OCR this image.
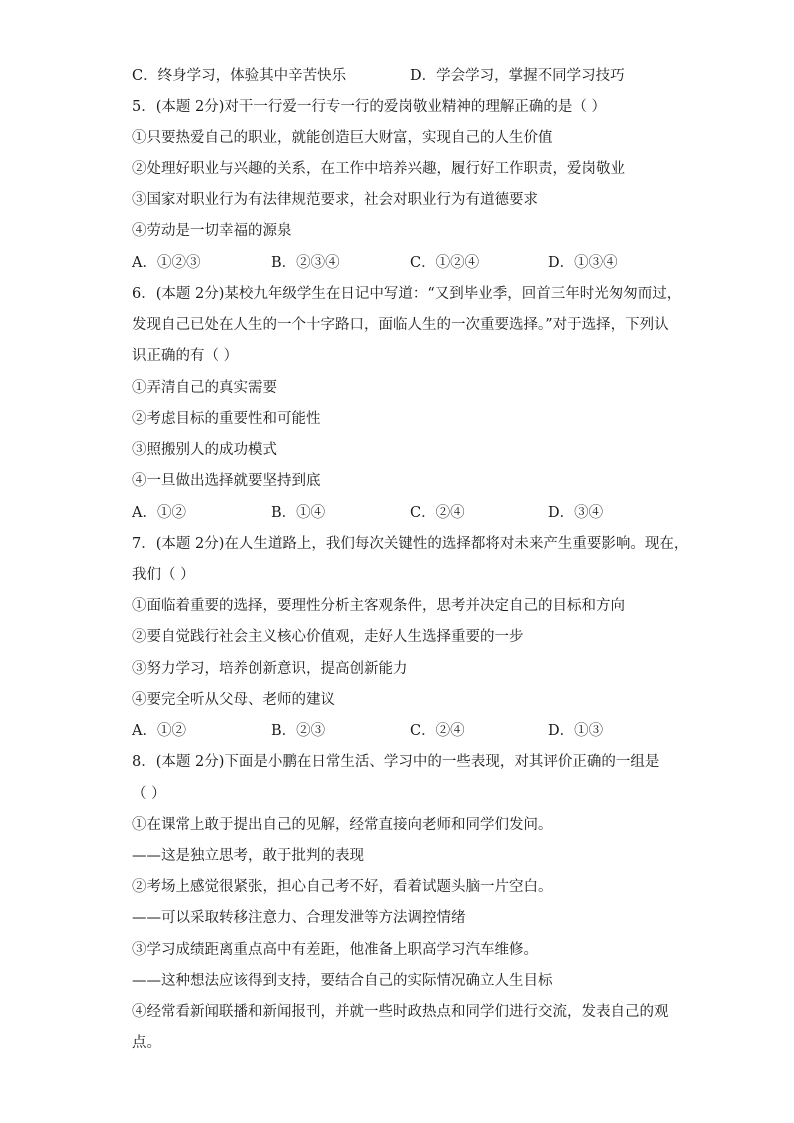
C．终身学习，体验其中辛苦快乐	D．学会学习，掌握不同学习技巧
5．(本题 2分)对干一行爱一行专一行的爱岗敬业精神的理解正确的是（ ）
①只要热爱自己的职业，就能创造巨大财富，实现自己的人生价值
②处理好职业与兴趣的关系，在工作中培养兴趣，履行好工作职责，爱岗敬业
③国家对职业行为有法律规范要求，社会对职业行为有道德要求
④劳动是一切幸福的源泉
A．①②③	B．②③④	C．①②④	D．①③④
6．(本题 2分)某校九年级学生在日记中写道：“又到毕业季，回首三年时光匆匆而过，
发现自己已处在人生的一个十字路口，面临人生的一次重要选择。”对于选择，下列认
识正确的有（ ）
①弄清自己的真实需要
②考虑目标的重要性和可能性
③照搬别人的成功模式
④一旦做出选择就要坚持到底
A．①②	B．①④	C．②④	D．③④
7．(本题 2分)在人生道路上，我们每次关键性的选择都将对未来产生重要影响。现在，
我们（ ）
①面临着重要的选择，要理性分析主客观条件，思考并决定自己的目标和方向
②要自觉践行社会主义核心价值观，走好人生选择重要的一步
③努力学习，培养创新意识，提高创新能力
④要完全听从父母、老师的建议
A．①②	B．②③	C．②④	D．①③
8．(本题 2分)下面是小鹏在日常生活、学习中的一些表现，对其评价正确的一组是
（ ）
①在课常上敢于提出自己的见解，经常直接向老师和同学们发问。
——这是独立思考，敢于批判的表现
②考场上感觉很紧张，担心自己考不好，看着试题头脑一片空白。
——可以采取转移注意力、合理发泄等方法调控情绪
③学习成绩距离重点高中有差距，他准备上职高学习汽车维修。
——这种想法应该得到支持，要结合自己的实际情况确立人生目标
④经常看新闻联播和新闻报刊，并就一些时政热点和同学们进行交流，发表自己的观
点。
